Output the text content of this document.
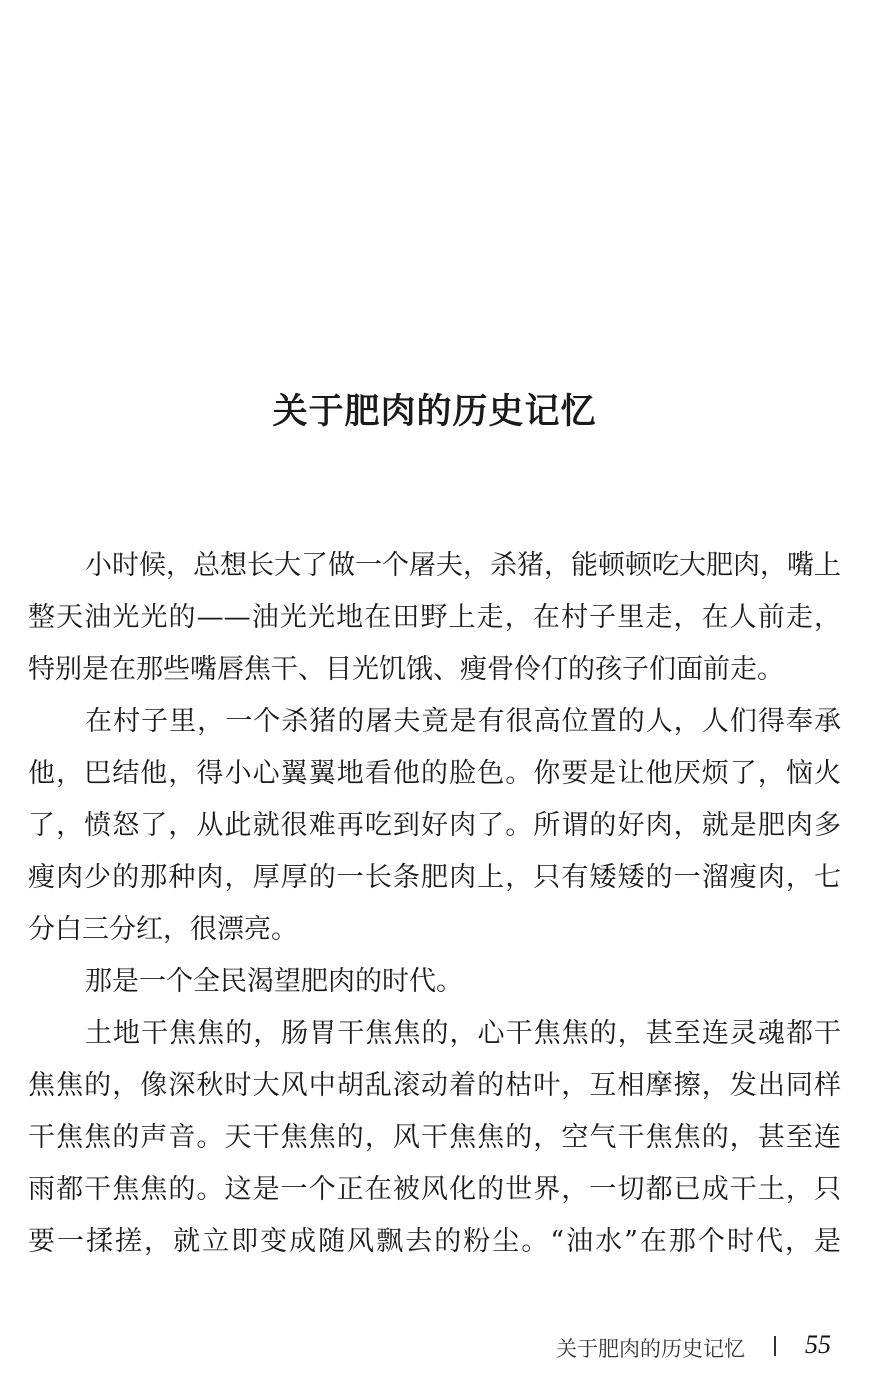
关于肥肉的历史记忆
小时候，总想长大了做一个屠夫，杀猪，能顿顿吃大肥肉，嘴上
整天油光光的——油光光地在田野上走，在村子里走，在人前走，
特别是在那些嘴唇焦干、目光饥饿、瘦骨伶仃的孩子们面前走。
在村子里，一个杀猪的屠夫竟是有很高位置的人，人们得奉承
他，巴结他，得小心翼翼地看他的脸色。你要是让他厌烦了，恼火
了，愤怒了，从此就很难再吃到好肉了。所谓的好肉，就是肥肉多
瘦肉少的那种肉，厚厚的一长条肥肉上，只有矮矮的一溜瘦肉，七
分白三分红，很漂亮。
那是一个全民渴望肥肉的时代。
土地干焦焦的，肠胃干焦焦的，心干焦焦的，甚至连灵魂都干
焦焦的，像深秋时大风中胡乱滚动着的枯叶，互相摩擦，发出同样
干焦焦的声音。天干焦焦的，风干焦焦的，空气干焦焦的，甚至连
雨都干焦焦的。这是一个正在被风化的世界，一切都已成干土，只
要一揉搓，就立即变成随风飘去的粉尘。“油水”在那个时代，是
关于肥肉的历史记忆 55
